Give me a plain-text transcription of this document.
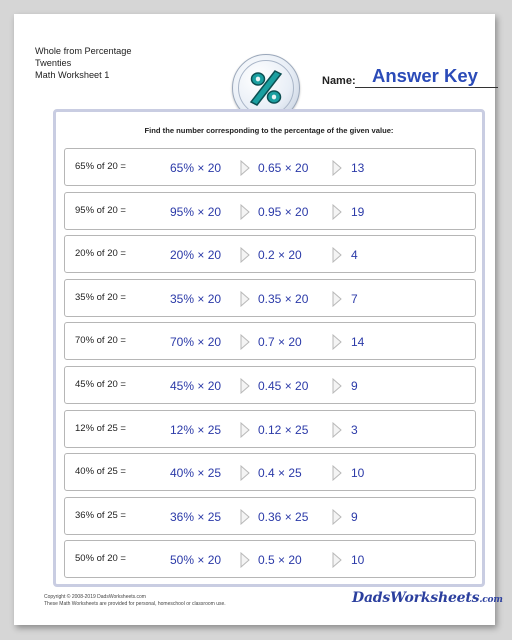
Whole from Percentage
Twenties
Math Worksheet 1	Name: Answer Key
Find the number corresponding to the percentage of the given value:
65% of 20 =	65% × 20	0.65 × 20	13
95% of 20 =	95% × 20	0.95 × 20	19
20% of 20 =	20% × 20	0.2 × 20	4
35% of 20 =	35% × 20	0.35 × 20	7
70% of 20 =	70% × 20	0.7 × 20	14
45% of 20 =	45% × 20	0.45 × 20	9
12% of 25 =	12% × 25	0.12 × 25	3
40% of 25 =	40% × 25	0.4 × 25	10
36% of 25 =	36% × 25	0.36 × 25	9
50% of 20 =	50% × 20	0.5 × 20	10
Copyright © 2008-2019 DadsWorksheets.com
These Math Worksheets are provided for personal, homeschool or classroom use.	DadsWorksheets.com
